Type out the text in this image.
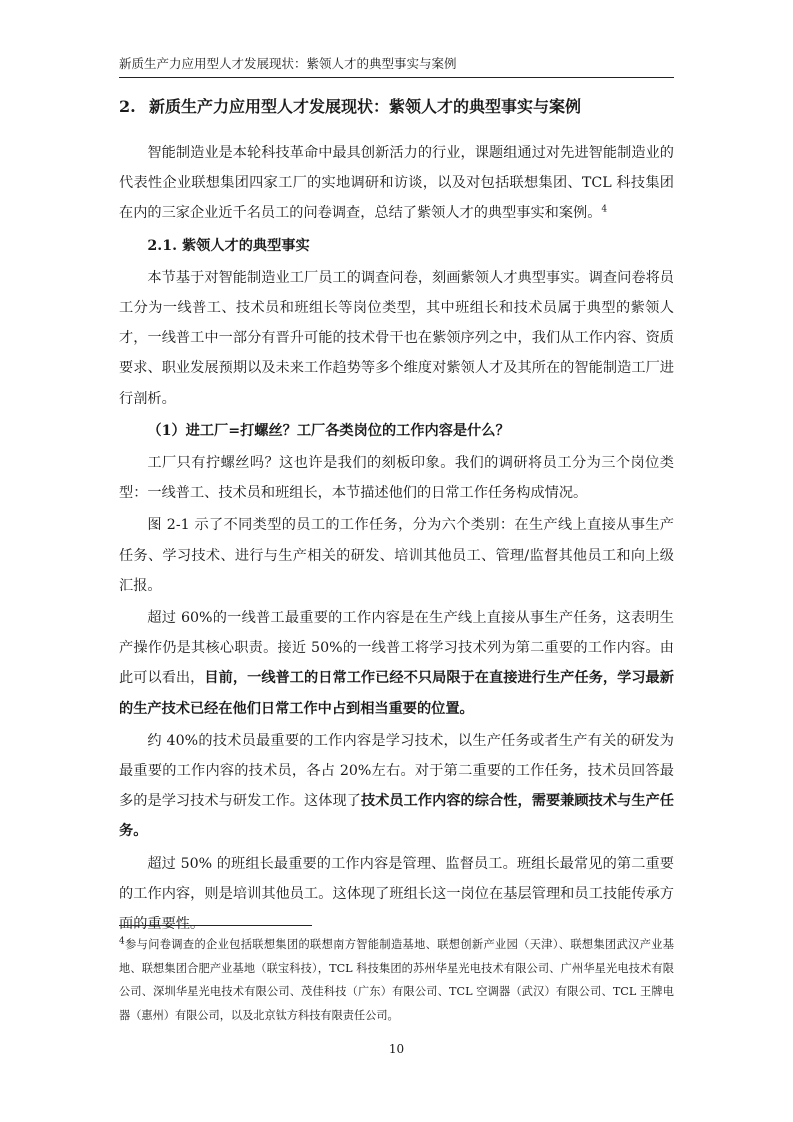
新质生产力应用型人才发展现状：紫领人才的典型事实与案例
2. 新质生产力应用型人才发展现状：紫领人才的典型事实与案例

智能制造业是本轮科技革命中最具创新活力的行业，课题组通过对先进智能制造业的代表性企业联想集团四家工厂的实地调研和访谈，以及对包括联想集团、TCL 科技集团在内的三家企业近千名员工的问卷调查，总结了紫领人才的典型事实和案例。$^4$

2.1. 紫领人才的典型事实

本节基于对智能制造业工厂员工的调查问卷，刻画紫领人才典型事实。调查问卷将员工分为一线普工、技术员和班组长等岗位类型，其中班组长和技术员属于典型的紫领人才，一线普工中一部分有晋升可能的技术骨干也在紫领序列之中，我们从工作内容、资质要求、职业发展预期以及未来工作趋势等多个维度对紫领人才及其所在的智能制造工厂进行剖析。

（1）进工厂=打螺丝？工厂各类岗位的工作内容是什么？

工厂只有拧螺丝吗？这也许是我们的刻板印象。我们的调研将员工分为三个岗位类型：一线普工、技术员和班组长，本节描述他们的日常工作任务构成情况。

图 2-1 示了不同类型的员工的工作任务，分为六个类别：在生产线上直接从事生产任务、学习技术、进行与生产相关的研发、培训其他员工、管理/监督其他员工和向上级汇报。

超过 60%的一线普工最重要的工作内容是在生产线上直接从事生产任务，这表明生产操作仍是其核心职责。接近 50%的一线普工将学习技术列为第二重要的工作内容。由此可以看出，目前，一线普工的日常工作已经不只局限于在直接进行生产任务，学习最新的生产技术已经在他们日常工作中占到相当重要的位置。

约 40%的技术员最重要的工作内容是学习技术，以生产任务或者生产有关的研发为最重要的工作内容的技术员，各占 20%左右。对于第二重要的工作任务，技术员回答最多的是学习技术与研发工作。这体现了技术员工作内容的综合性，需要兼顾技术与生产任务。

超过 50% 的班组长最重要的工作内容是管理、监督员工。班组长最常见的第二重要的工作内容，则是培训其他员工。这体现了班组长这一岗位在基层管理和员工技能传承方面的重要性。

$^4$参与问卷调查的企业包括联想集团的联想南方智能制造基地、联想创新产业园（天津）、联想集团武汉产业基地、联想集团合肥产业基地（联宝科技），TCL 科技集团的苏州华星光电技术有限公司、广州华星光电技术有限公司、深圳华星光电技术有限公司、茂佳科技（广东）有限公司、TCL 空调器（武汉）有限公司、TCL 王牌电器（惠州）有限公司，以及北京钛方科技有限责任公司。
10
